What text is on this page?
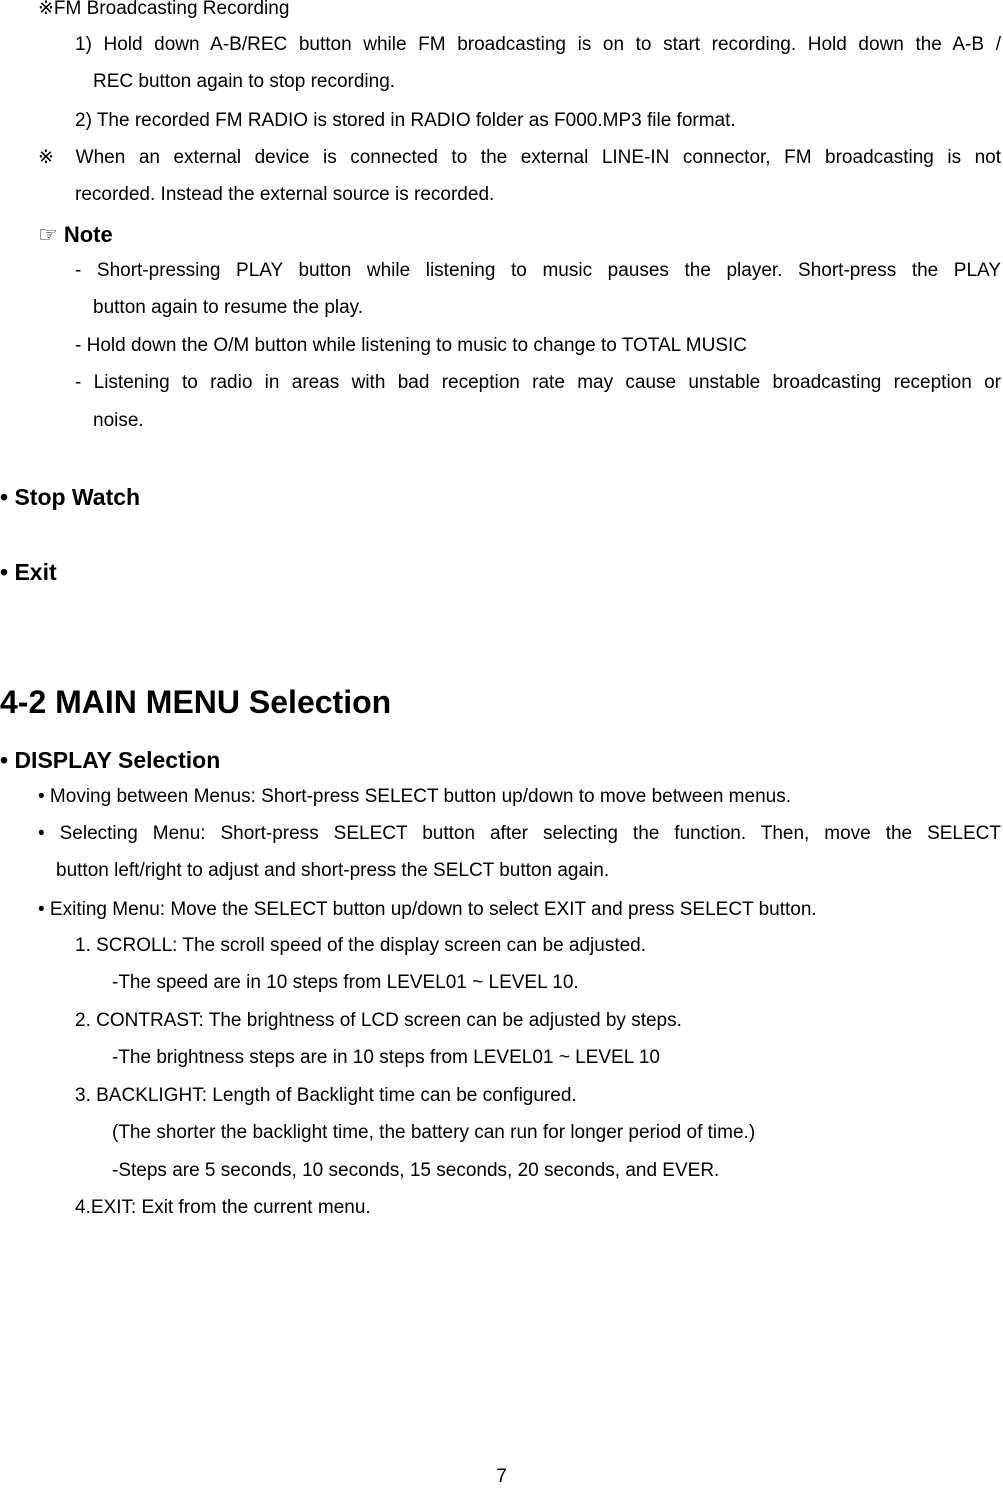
※FM Broadcasting Recording
1) Hold down A-B/REC button while FM broadcasting is on to start recording. Hold down the A-B /
REC button again to stop recording.
2) The recorded FM RADIO is stored in RADIO folder as F000.MP3 file format.
※ When an external device is connected to the external LINE-IN connector, FM broadcasting is not
recorded. Instead the external source is recorded.
☞ Note
- Short-pressing PLAY button while listening to music pauses the player. Short-press the PLAY
button again to resume the play.
- Hold down the O/M button while listening to music to change to TOTAL MUSIC
- Listening to radio in areas with bad reception rate may cause unstable broadcasting reception or
noise.
• Stop Watch
• Exit
4-2 MAIN MENU Selection
• DISPLAY Selection
• Moving between Menus: Short-press SELECT button up/down to move between menus.
• Selecting Menu: Short-press SELECT button after selecting the function. Then, move the SELECT
button left/right to adjust and short-press the SELCT button again.
• Exiting Menu: Move the SELECT button up/down to select EXIT and press SELECT button.
1. SCROLL: The scroll speed of the display screen can be adjusted.
-The speed are in 10 steps from LEVEL01 ~ LEVEL 10.
2. CONTRAST: The brightness of LCD screen can be adjusted by steps.
-The brightness steps are in 10 steps from LEVEL01 ~ LEVEL 10
3. BACKLIGHT: Length of Backlight time can be configured.
(The shorter the backlight time, the battery can run for longer period of time.)
-Steps are 5 seconds, 10 seconds, 15 seconds, 20 seconds, and EVER.
4.EXIT: Exit from the current menu.
7
